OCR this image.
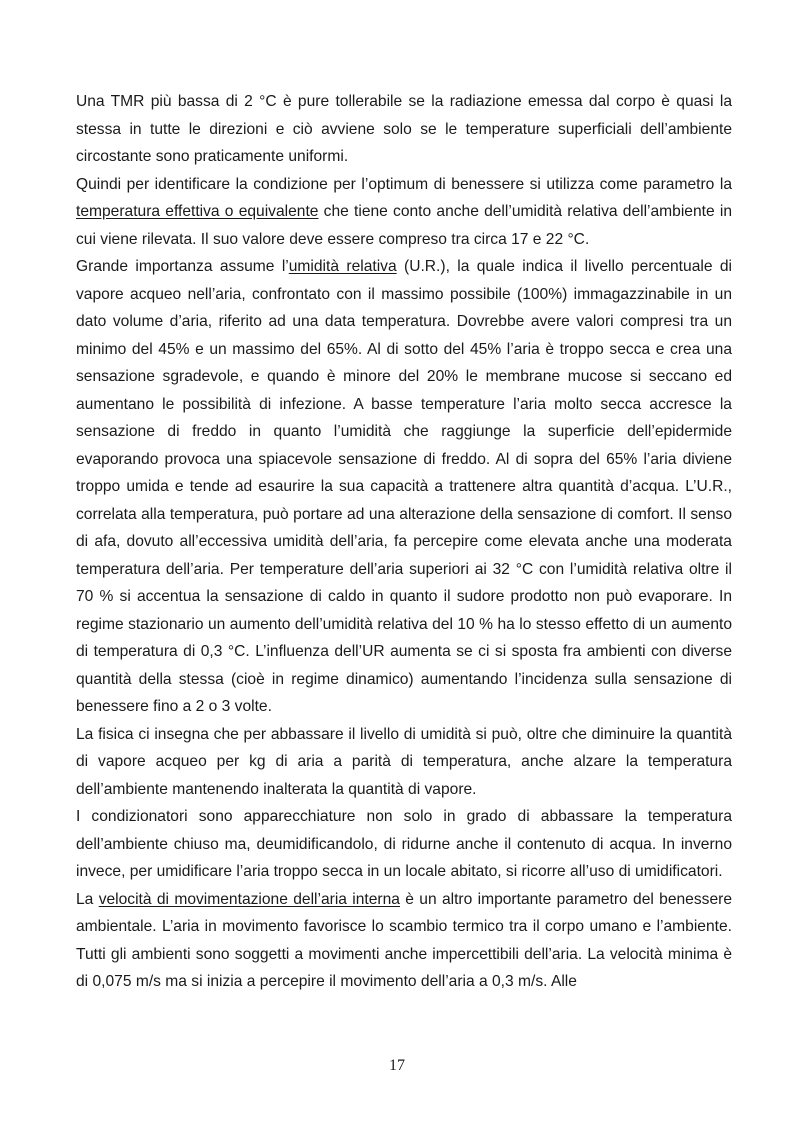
Una TMR più bassa di 2 °C è pure tollerabile se la radiazione emessa dal corpo è quasi la stessa in tutte le direzioni e ciò avviene solo se le temperature superficiali dell’ambiente circostante sono praticamente uniformi.

Quindi per identificare la condizione per l’optimum di benessere si utilizza come parametro la temperatura effettiva o equivalente che tiene conto anche dell’umidità relativa dell’ambiente in cui viene rilevata. Il suo valore deve essere compreso tra circa 17 e 22 °C.

Grande importanza assume l’umidità relativa (U.R.), la quale indica il livello percentuale di vapore acqueo nell’aria, confrontato con il massimo possibile (100%) immagazzinabile in un dato volume d’aria, riferito ad una data temperatura. Dovrebbe avere valori compresi tra un minimo del 45% e un massimo del 65%. Al di sotto del 45% l’aria è troppo secca e crea una sensazione sgradevole, e quando è minore del 20% le membrane mucose si seccano ed aumentano le possibilità di infezione. A basse temperature l’aria molto secca accresce la sensazione di freddo in quanto l’umidità che raggiunge la superficie dell’epidermide evaporando provoca una spiacevole sensazione di freddo. Al di sopra del 65% l’aria diviene troppo umida e tende ad esaurire la sua capacità a trattenere altra quantità d’acqua. L’U.R., correlata alla temperatura, può portare ad una alterazione della sensazione di comfort. Il senso di afa, dovuto all’eccessiva umidità dell’aria, fa percepire come elevata anche una moderata temperatura dell’aria. Per temperature dell’aria superiori ai 32 °C con l’umidità relativa oltre il 70 % si accentua la sensazione di caldo in quanto il sudore prodotto non può evaporare. In regime stazionario un aumento dell’umidità relativa del 10 % ha lo stesso effetto di un aumento di temperatura di 0,3 °C. L’influenza dell’UR aumenta se ci si sposta fra ambienti con diverse quantità della stessa (cioè in regime dinamico) aumentando l’incidenza sulla sensazione di benessere fino a 2 o 3 volte.

La fisica ci insegna che per abbassare il livello di umidità si può, oltre che diminuire la quantità di vapore acqueo per kg di aria a parità di temperatura, anche alzare la temperatura dell’ambiente mantenendo inalterata la quantità di vapore.

I condizionatori sono apparecchiature non solo in grado di abbassare la temperatura dell’ambiente chiuso ma, deumidificandolo, di ridurne anche il contenuto di acqua. In inverno invece, per umidificare l’aria troppo secca in un locale abitato, si ricorre all’uso di umidificatori.

La velocità di movimentazione dell’aria interna è un altro importante parametro del benessere ambientale. L’aria in movimento favorisce lo scambio termico tra il corpo umano e l’ambiente. Tutti gli ambienti sono soggetti a movimenti anche impercettibili dell’aria. La velocità minima è di 0,075 m/s ma si inizia a percepire il movimento dell’aria a 0,3 m/s. Alle

17
